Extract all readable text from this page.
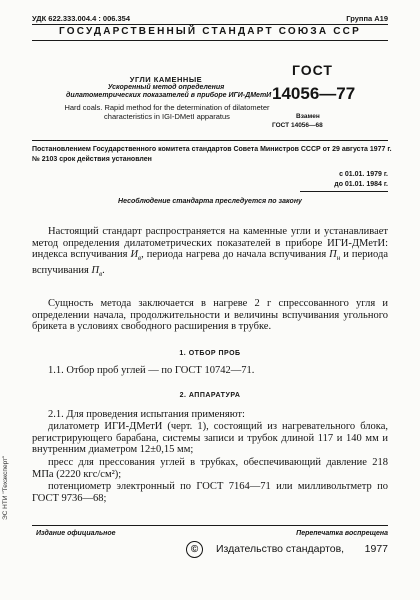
УДК 622.333.004.4 : 006.354	Группа А19
ГОСУДАРСТВЕННЫЙ СТАНДАРТ СОЮЗА ССР
УГЛИ КАМЕННЫЕ
Ускоренный метод определения
дилатометрических показателей в приборе ИГИ-ДМетИ
Hard coals. Rapid method for the determination of dilatometer characteristics in IGI-DMetI apparatus
ГОСТ
14056—77
Взамен
ГОСТ 14056—68
Постановлением Государственного комитета стандартов Совета Министров СССР от 29 августа 1977 г. № 2103 срок действия установлен
с 01.01. 1979 г.
до 01.01. 1984 г.
Несоблюдение стандарта преследуется по закону
Настоящий стандарт распространяется на каменные угли и устанавливает метод определения дилатометрических показателей в приборе ИГИ-ДМетИ: индекса вспучивания $И_в$, периода нагрева до начала вспучивания $П_н$ и периода вспучивания $П_в$.
Сущность метода заключается в нагреве 2 г спрессованного угля и определении начала, продолжительности и величины вспучивания угольного брикета в условиях свободного расширения в трубке.
1. ОТБОР ПРОБ
1.1. Отбор проб углей — по ГОСТ 10742—71.
2. АППАРАТУРА
2.1. Для проведения испытания применяют:
дилатометр ИГИ-ДМетИ (черт. 1), состоящий из нагревательного блока, регистрирующего барабана, системы записи и трубок длиной 117 и 140 мм и внутренним диаметром 12±0,15 мм;
пресс для прессования углей в трубках, обеспечивающий давление 218 МПа (2220 кгс/см²);
потенциометр электронный по ГОСТ 7164—71 или милливольтметр по ГОСТ 9736—68;
Издание официальное	Перепечатка воспрещена
©	Издательство стандартов, 1977
ЭС НТИ "Техэксперт"
